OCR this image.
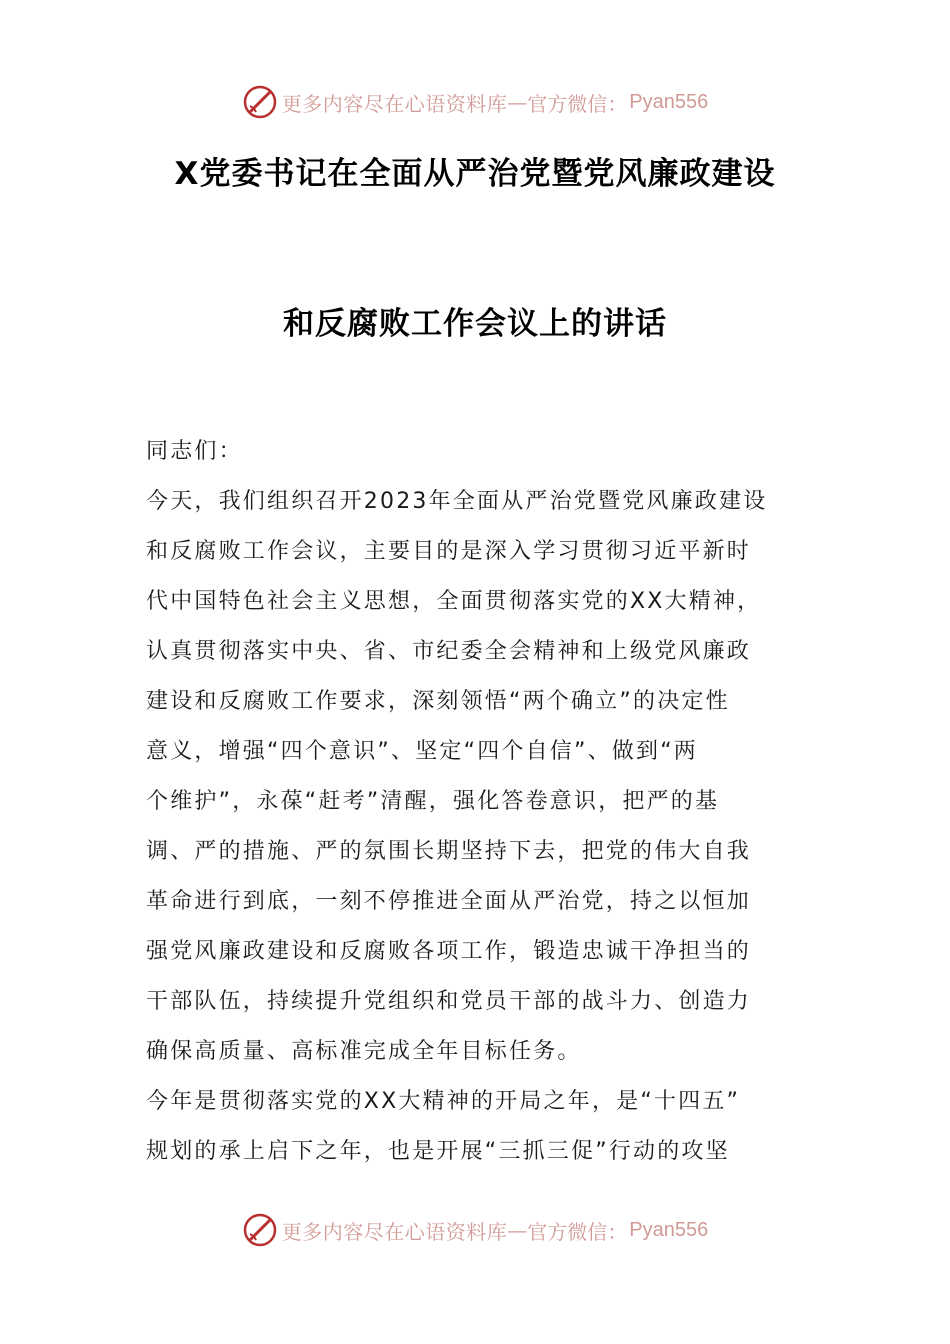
更多内容尽在心语资料库 — 官方微信： Pyan556
X党委书记在全面从严治党暨党风廉政建设
和反腐败工作会议上的讲话
同志们：
今天，我们组织召开2023年全面从严治党暨党风廉政建设
和反腐败工作会议，主要目的是深入学习贯彻习近平新时
代中国特色社会主义思想，全面贯彻落实党的XX大精神，
认真贯彻落实中央、省、市纪委全会精神和上级党风廉政
建设和反腐败工作要求，深刻领悟“两个确立”的决定性
意义，增强“四个意识”、坚定“四个自信”、做到“两
个维护”，永葆“赶考”清醒，强化答卷意识，把严的基
调、严的措施、严的氛围长期坚持下去，把党的伟大自我
革命进行到底，一刻不停推进全面从严治党，持之以恒加
强党风廉政建设和反腐败各项工作，锻造忠诚干净担当的
干部队伍，持续提升党组织和党员干部的战斗力、创造力
确保高质量、高标准完成全年目标任务。
今年是贯彻落实党的XX大精神的开局之年，是“十四五”
规划的承上启下之年，也是开展“三抓三促”行动的攻坚
更多内容尽在心语资料库 — 官方微信： Pyan556
